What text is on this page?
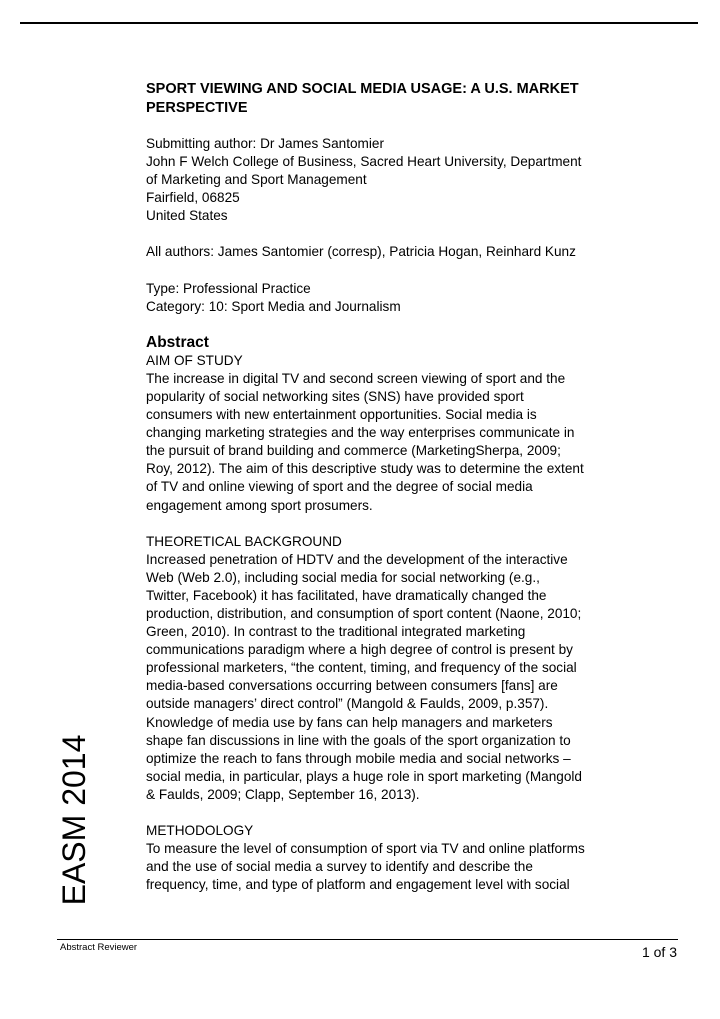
SPORT VIEWING AND SOCIAL MEDIA USAGE: A U.S. MARKET
PERSPECTIVE
Submitting author: Dr James Santomier
John F Welch College of Business, Sacred Heart University, Department
of Marketing and Sport Management
Fairfield, 06825
United States
All authors: James Santomier (corresp), Patricia Hogan, Reinhard Kunz
Type: Professional Practice
Category: 10: Sport Media and Journalism
Abstract
AIM OF STUDY
The increase in digital TV and second screen viewing of sport and the
popularity of social networking sites (SNS) have provided sport
consumers with new entertainment opportunities. Social media is
changing marketing strategies and the way enterprises communicate in
the pursuit of brand building and commerce (MarketingSherpa, 2009;
Roy, 2012). The aim of this descriptive study was to determine the extent
of TV and online viewing of sport and the degree of social media
engagement among sport prosumers.
THEORETICAL BACKGROUND
Increased penetration of HDTV and the development of the interactive
Web (Web 2.0), including social media for social networking (e.g.,
Twitter, Facebook) it has facilitated, have dramatically changed the
production, distribution, and consumption of sport content (Naone, 2010;
Green, 2010). In contrast to the traditional integrated marketing
communications paradigm where a high degree of control is present by
professional marketers, “the content, timing, and frequency of the social
media-based conversations occurring between consumers [fans] are
outside managers’ direct control” (Mangold & Faulds, 2009, p.357).
Knowledge of media use by fans can help managers and marketers
shape fan discussions in line with the goals of the sport organization to
optimize the reach to fans through mobile media and social networks –
social media, in particular, plays a huge role in sport marketing (Mangold
& Faulds, 2009; Clapp, September 16, 2013).
METHODOLOGY
To measure the level of consumption of sport via TV and online platforms
and the use of social media a survey to identify and describe the
frequency, time, and type of platform and engagement level with social
EASM 2014
Abstract Reviewer	1 of 3
